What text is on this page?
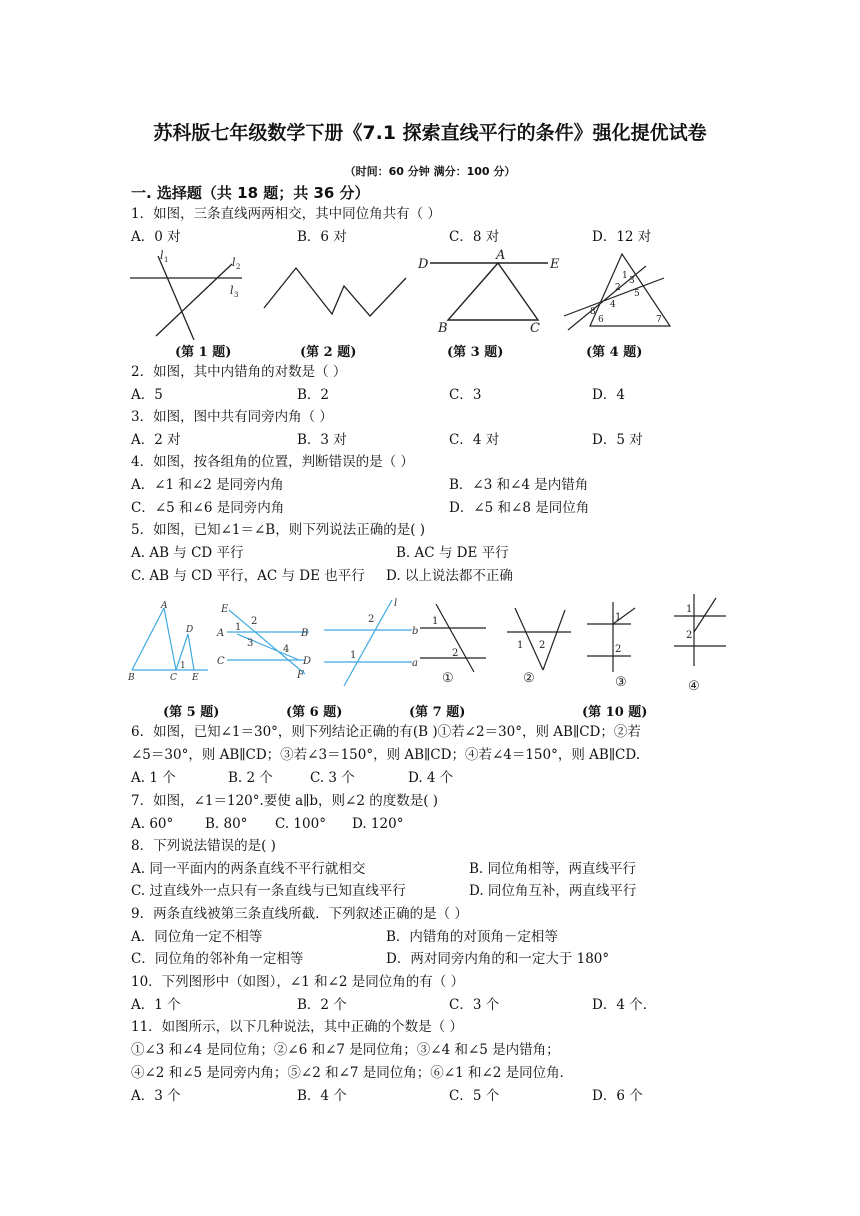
苏科版七年级数学下册《7.1 探索直线平行的条件》强化提优试卷
（时间：60 分钟 满分：100 分）
一. 选择题（共 18 题；共 36 分）
1．如图，三条直线两两相交，其中同位角共有（ ）
A．0 对	B．6 对	C．8 对	D．12 对
l 1	l 2
l 3
D
A
E
B	C
1
2
3
4
5
6	7
8
(第 1 题)	(第 2 题)	(第 3 题)	(第 4 题)
2．如图，其中内错角的对数是（ ）
A．5	B．2	C．3	D．4
3．如图，图中共有同旁内角（ ）
A．2 对	B．3 对	C．4 对	D．5 对
4．如图，按各组角的位置，判断错误的是（ ）
A．∠1 和∠2 是同旁内角	B．∠3 和∠4 是内错角
C．∠5 和∠6 是同旁内角	D．∠5 和∠8 是同位角
5．如图，已知∠1＝∠B，则下列说法正确的是( )
A. AB 与 CD 平行	B. AC 与 DE 平行
C. AB 与 CD 平行，AC 与 DE 也平行 D. 以上说法都不正确
A
B	C
D
E
1
E
A	B
C	D
F
1
2
3
4
l
b
a
2
1
1
2
①
1 2
②
1
2
③
1
2
④
(第 5 题)	(第 6 题)	(第 7 题)	(第 10 题)
6．如图，已知∠1＝30°，则下列结论正确的有(B )①若∠2＝30°，则 AB∥CD；②若
∠5＝30°，则 AB∥CD；③若∠3＝150°，则 AB∥CD；④若∠4＝150°，则 AB∥CD.
A. 1 个	B. 2 个	C. 3 个	D. 4 个
7．如图，∠1＝120°.要使 a∥b，则∠2 的度数是( )
A. 60° B. 80° C. 100° D. 120°
8．下列说法错误的是( )
A. 同一平面内的两条直线不平行就相交	B. 同位角相等，两直线平行
C. 过直线外一点只有一条直线与已知直线平行	D. 同位角互补，两直线平行
9．两条直线被第三条直线所截．下列叙述正确的是（ ）
A．同位角一定不相等	B．内错角的对顶角－定相等
C．同位角的邻补角一定相等	D．两对同旁内角的和一定大于 180°
10．下列图形中（如图），∠1 和∠2 是同位角的有（ ）
A．1 个	B．2 个	C．3 个	D．4 个．
11．如图所示，以下几种说法，其中正确的个数是（ ）
①∠3 和∠4 是同位角；②∠6 和∠7 是同位角；③∠4 和∠5 是内错角；
④∠2 和∠5 是同旁内角；⑤∠2 和∠7 是同位角；⑥∠1 和∠2 是同位角．
A．3 个	B．4 个	C．5 个	D．6 个
